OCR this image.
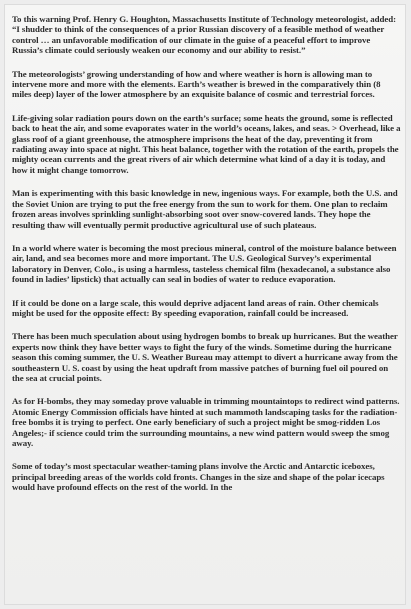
To this warning Prof. Henry G. Houghton, Massachusetts Institute of Technology meteorologist, added: “I shudder to think of the consequences of a prior Russian discovery of a feasible method of weather control … an unfavorable modification of our climate in the guise of a peaceful effort to improve Russia’s climate could seriously weaken our economy and our ability to resist.”

The meteorologists’ growing understanding of how and where weather is horn is allowing man to intervene more and more with the elements. Earth’s weather is brewed in the comparatively thin (8 miles deep) layer of the lower atmosphere by an exquisite balance of cosmic and terrestrial forces.

Life-giving solar radiation pours down on the earth’s surface; some heats the ground, some is reflected back to heat the air, and some evaporates water in the world’s oceans, lakes, and seas. > Overhead, like a glass roof of a giant greenhouse, the atmosphere imprisons the heat of the day, preventing it from radiating away into space at night. This heat balance, together with the rotation of the earth, propels the mighty ocean currents and the great rivers of air which determine what kind of a day it is today, and how it might change tomorrow.

Man is experimenting with this basic knowledge in new, ingenious ways. For example, both the U.S. and the Soviet Union are trying to put the free energy from the sun to work for them. One plan to reclaim frozen areas involves sprinkling sunlight-absorbing soot over snow-covered lands. They hope the resulting thaw will eventually permit productive agricultural use of such plateaus.

In a world where water is becoming the most precious mineral, control of the moisture balance between air, land, and sea becomes more and more important. The U.S. Geological Survey’s experimental laboratory in Denver, Colo., is using a harmless, tasteless chemical film (hexadecanol, a substance also found in ladies’ lipstick) that actually can seal in bodies of water to reduce evaporation.

If it could be done on a large scale, this would deprive adjacent land areas of rain. Other chemicals might be used for the opposite effect: By speeding evaporation, rainfall could be increased.

There has been much speculation about using hydrogen bombs to break up hurricanes. But the weather experts now think they have better ways to fight the fury of the winds. Sometime during the hurricane season this coming summer, the U. S. Weather Bureau may attempt to divert a hurricane away from the southeastern U. S. coast by using the heat updraft from massive patches of burning fuel oil poured on the sea at crucial points.

As for H-bombs, they may someday prove valuable in trimming mountaintops to redirect wind patterns. Atomic Energy Commission officials have hinted at such mammoth landscaping tasks for the radiation-free bombs it is trying to perfect. One early beneficiary of such a project might be smog-ridden Los Angeles;- if science could trim the surrounding mountains, a new wind pattern would sweep the smog away.

Some of today’s most spectacular weather-taming plans involve the Arctic and Antarctic iceboxes, principal breeding areas of the worlds cold fronts. Changes in the size and shape of the polar icecaps would have profound effects on the rest of the world. In the
